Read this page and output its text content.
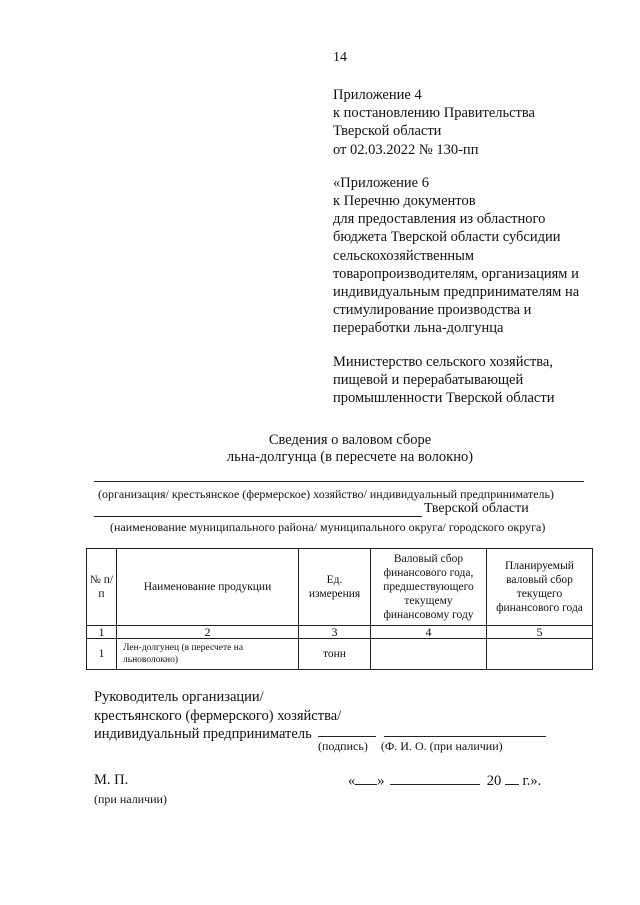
14
Приложение 4
к постановлению Правительства
Тверской области
от 02.03.2022 № 130-пп
«Приложение 6
к Перечню документов
для предоставления из областного
бюджета Тверской области субсидии
сельскохозяйственным
товаропроизводителям, организациям и
индивидуальным предпринимателям на
стимулирование производства и
переработки льна-долгунца
Министерство сельского хозяйства,
пищевой и перерабатывающей
промышленности Тверской области
Сведения о валовом сборе
льна-долгунца (в пересчете на волокно)
(организация/ крестьянское (фермерское) хозяйство/ индивидуальный предприниматель)
Тверской области
(наименование муниципального района/ муниципального округа/ городского округа)
№ п/п	Наименование продукции	Ед. измерения	Валовый сбор финансового года, предшествующего текущему финансовому году	Планируемый валовый сбор текущего финансового года
1	2	3	4	5
1	Лен-долгунец (в пересчете на льноволокно)	тонн		
Руководитель организации/
крестьянского (фермерского) хозяйства/
индивидуальный предприниматель
(подпись) (Ф. И. О. (при наличии)
М. П.
(при наличии)
« »	20 г.».
